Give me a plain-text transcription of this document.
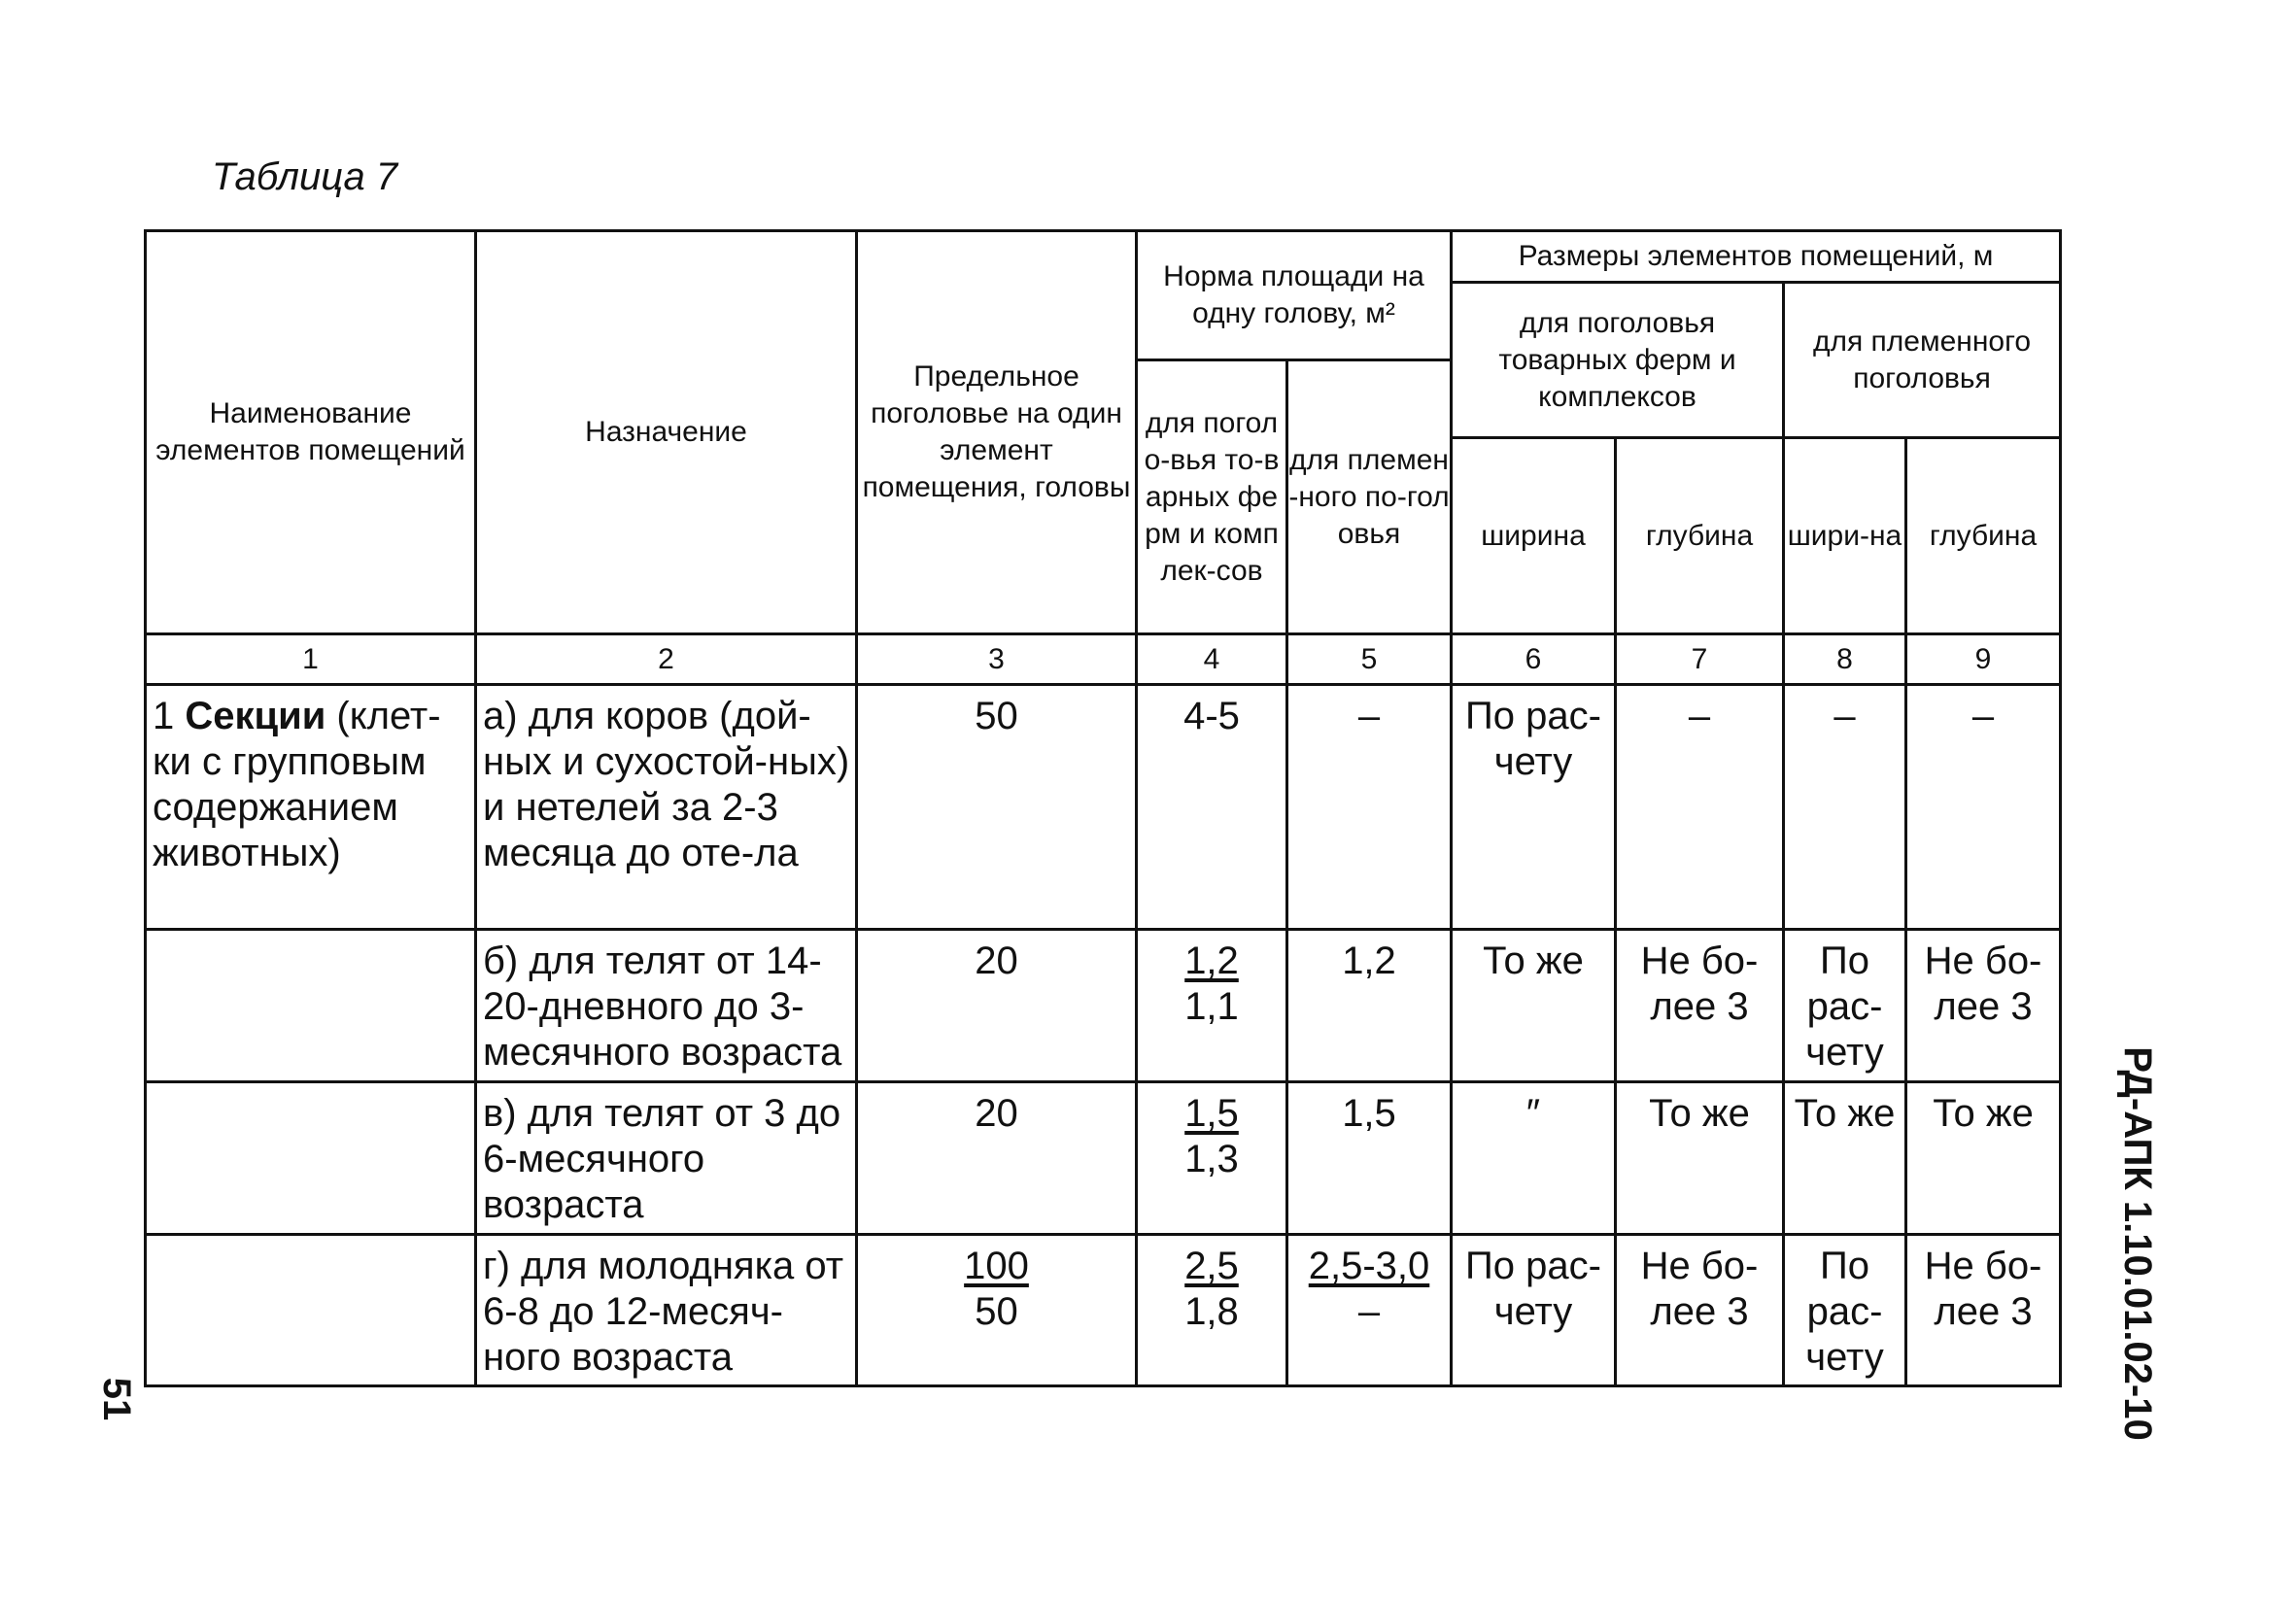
Таблица 7
Наименование элементов помещений	Назначение	Предельное поголовье на один элемент помещения, головы	Норма площади на одну голову, м²		Размеры элементов помещений, м			
					для поголовья товарных ферм и комплексов		для племенного поголовья	
			для поголо-вья то-варных ферм и комплек-сов	для племен-ного по-головья				
					ширина	глубина	шири-на	глубина
1	2	3	4	5	6	7	8	9
1 Секции (клет-ки с групповым содержанием животных)	а) для коров (дой-ных и сухостой-ных) и нетелей за 2-3 месяца до оте-ла	50	4-5	–	По рас-чету	–	–	–
	б) для телят от 14-20-дневного до 3-месячного возраста	20	$\frac{1,2}{1,1}$	1,2	То же	Не бо-лее 3	По рас-чету	Не бо-лее 3
	в) для телят от 3 до 6-месячного возраста	20	$\frac{1,5}{1,3}$	1,5	″	То же	То же	То же
	г) для молодняка от 6-8 до 12-месяч-ного возраста	$\frac{100}{50}$	$\frac{2,5}{1,8}$	$\frac{2,5-3,0}{-}$	По рас-чету	Не бо-лее 3	По рас-чету	Не бо-леe 3 РД-АПК 1.10.01.02-10
51
